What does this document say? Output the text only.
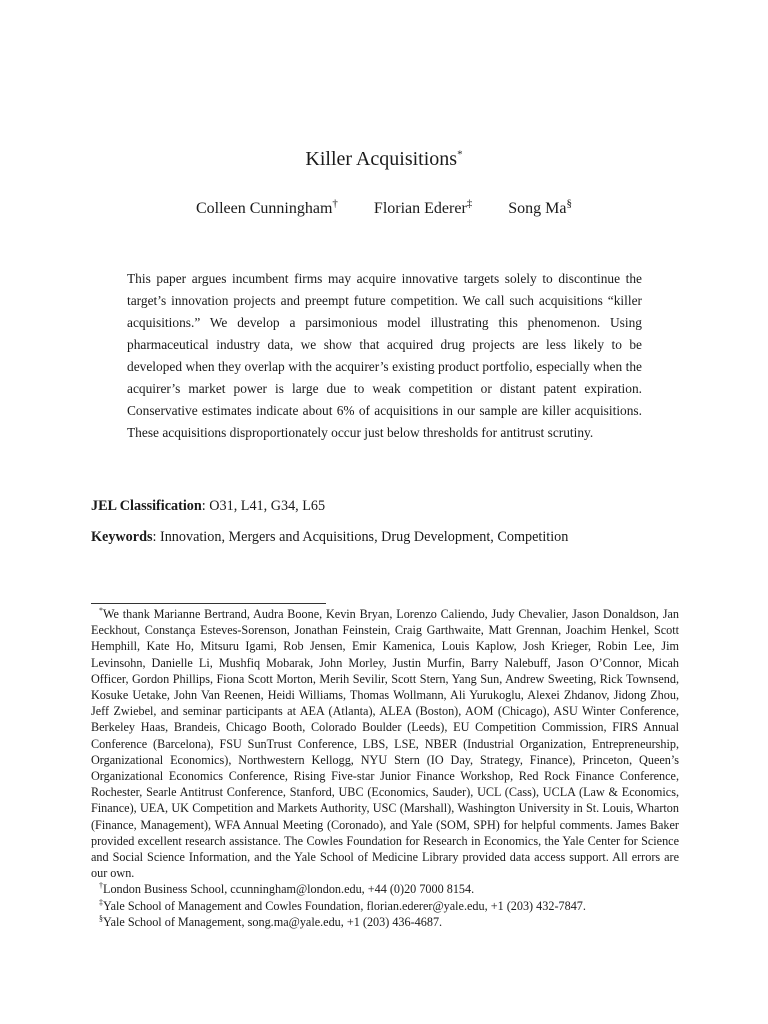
Killer Acquisitions*
Colleen Cunningham† Florian Ederer‡ Song Ma§
This paper argues incumbent firms may acquire innovative targets solely to discontinue the target’s innovation projects and preempt future competition. We call such acquisitions “killer acquisitions.” We develop a parsimonious model illustrating this phenomenon. Using pharmaceutical industry data, we show that acquired drug projects are less likely to be developed when they overlap with the acquirer’s existing product portfolio, especially when the acquirer’s market power is large due to weak competition or distant patent expiration. Conservative estimates indicate about 6% of acquisitions in our sample are killer acquisitions. These acquisitions disproportionately occur just below thresholds for antitrust scrutiny.
JEL Classification: O31, L41, G34, L65
Keywords: Innovation, Mergers and Acquisitions, Drug Development, Competition
*We thank Marianne Bertrand, Audra Boone, Kevin Bryan, Lorenzo Caliendo, Judy Chevalier, Jason Donaldson, Jan Eeckhout, Constança Esteves-Sorenson, Jonathan Feinstein, Craig Garthwaite, Matt Grennan, Joachim Henkel, Scott Hemphill, Kate Ho, Mitsuru Igami, Rob Jensen, Emir Kamenica, Louis Kaplow, Josh Krieger, Robin Lee, Jim Levinsohn, Danielle Li, Mushfiq Mobarak, John Morley, Justin Murfin, Barry Nalebuff, Jason O’Connor, Micah Officer, Gordon Phillips, Fiona Scott Morton, Merih Sevilir, Scott Stern, Yang Sun, Andrew Sweeting, Rick Townsend, Kosuke Uetake, John Van Reenen, Heidi Williams, Thomas Wollmann, Ali Yurukoglu, Alexei Zhdanov, Jidong Zhou, Jeff Zwiebel, and seminar participants at AEA (Atlanta), ALEA (Boston), AOM (Chicago), ASU Winter Conference, Berkeley Haas, Brandeis, Chicago Booth, Colorado Boulder (Leeds), EU Competition Commission, FIRS Annual Conference (Barcelona), FSU SunTrust Conference, LBS, LSE, NBER (Industrial Organization, Entrepreneurship, Organizational Economics), Northwestern Kellogg, NYU Stern (IO Day, Strategy, Finance), Princeton, Queen’s Organizational Economics Conference, Rising Five-star Junior Finance Workshop, Red Rock Finance Conference, Rochester, Searle Antitrust Conference, Stanford, UBC (Economics, Sauder), UCL (Cass), UCLA (Law & Economics, Finance), UEA, UK Competition and Markets Authority, USC (Marshall), Washington University in St. Louis, Wharton (Finance, Management), WFA Annual Meeting (Coronado), and Yale (SOM, SPH) for helpful comments. James Baker provided excellent research assistance. The Cowles Foundation for Research in Economics, the Yale Center for Science and Social Science Information, and the Yale School of Medicine Library provided data access support. All errors are our own.
†London Business School, ccunningham@london.edu, +44 (0)20 7000 8154.
‡Yale School of Management and Cowles Foundation, florian.ederer@yale.edu, +1 (203) 432-7847.
§Yale School of Management, song.ma@yale.edu, +1 (203) 436-4687.
